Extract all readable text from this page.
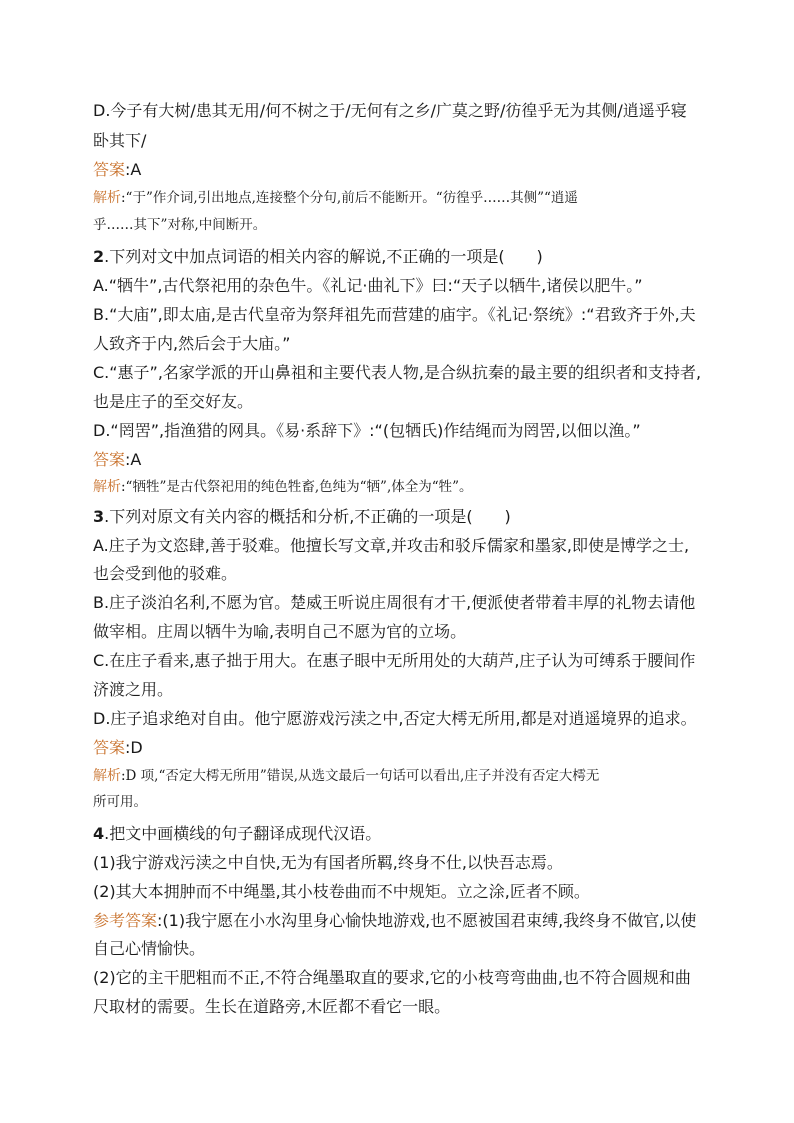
D.今子有大树/患其无用/何不树之于/无何有之乡/广莫之野/彷徨乎无为其侧/逍遥乎寝
卧其下/
答案:A
解析:“于”作介词,引出地点,连接整个分句,前后不能断开。“彷徨乎……其侧”“逍遥
乎……其下”对称,中间断开。
2.下列对文中加点词语的相关内容的解说,不正确的一项是(　　)
A.“牺牛”,古代祭祀用的杂色牛。《礼记·曲礼下》曰:“天子以牺牛,诸侯以肥牛。”
B.“大庙”,即太庙,是古代皇帝为祭拜祖先而营建的庙宇。《礼记·祭统》:“君致齐于外,夫
人致齐于内,然后会于大庙。”
C.“惠子”,名家学派的开山鼻祖和主要代表人物,是合纵抗秦的最主要的组织者和支持者,
也是庄子的至交好友。
D.“罔罟”,指渔猎的网具。《易·系辞下》:“(包牺氏)作结绳而为罔罟,以佃以渔。”
答案:A
解析:“牺牲”是古代祭祀用的纯色牲畜,色纯为“牺”,体全为“牲”。
3.下列对原文有关内容的概括和分析,不正确的一项是(　　)
A.庄子为文恣肆,善于驳难。他擅长写文章,并攻击和驳斥儒家和墨家,即使是博学之士,
也会受到他的驳难。
B.庄子淡泊名利,不愿为官。楚威王听说庄周很有才干,便派使者带着丰厚的礼物去请他
做宰相。庄周以牺牛为喻,表明自己不愿为官的立场。
C.在庄子看来,惠子拙于用大。在惠子眼中无所用处的大葫芦,庄子认为可缚系于腰间作
济渡之用。
D.庄子追求绝对自由。他宁愿游戏污渎之中,否定大樗无所用,都是对逍遥境界的追求。
答案:D
解析:D 项,“否定大樗无所用”错误,从选文最后一句话可以看出,庄子并没有否定大樗无
所可用。
4.把文中画横线的句子翻译成现代汉语。
(1)我宁游戏污渎之中自快,无为有国者所羁,终身不仕,以快吾志焉。
(2)其大本拥肿而不中绳墨,其小枝卷曲而不中规矩。立之涂,匠者不顾。
参考答案:(1)我宁愿在小水沟里身心愉快地游戏,也不愿被国君束缚,我终身不做官,以使
自己心情愉快。
(2)它的主干肥粗而不正,不符合绳墨取直的要求,它的小枝弯弯曲曲,也不符合圆规和曲
尺取材的需要。生长在道路旁,木匠都不看它一眼。
